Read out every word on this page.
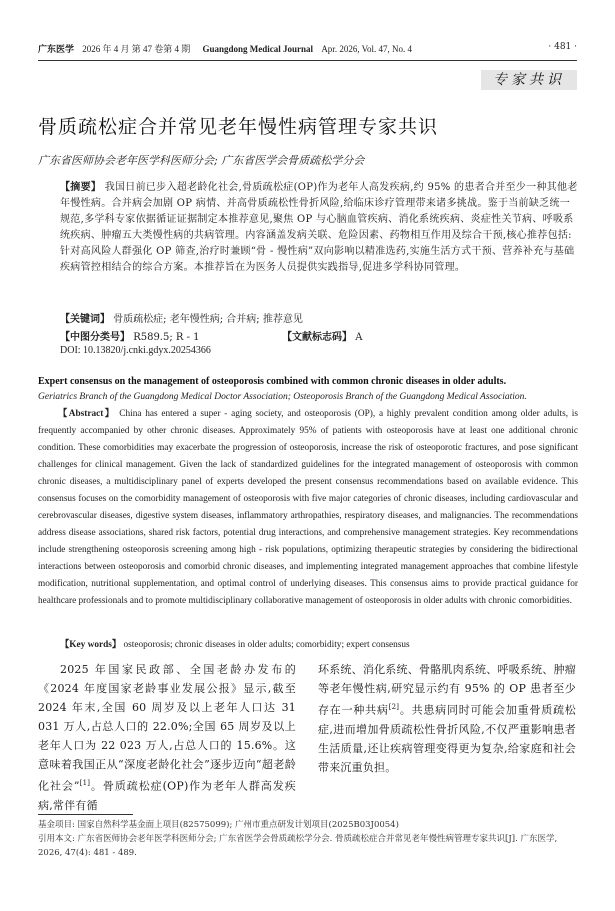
广东医学 2026 年 4 月 第 47 卷第 4 期 Guangdong Medical Journal Apr. 2026, Vol. 47, No. 4	· 481 ·
专家共识
骨质疏松症合并常见老年慢性病管理专家共识
广东省医师协会老年医学科医师分会; 广东省医学会骨质疏松学分会
【摘要】 我国日前已步入超老龄化社会,骨质疏松症(OP)作为老年人高发疾病,约 95% 的患者合并至少一种其他老年慢性病。合并病会加剧 OP 病情、并高骨质疏松性骨折风险,给临床诊疗管理带来诸多挑战。鉴于当前缺乏统一规范,多学科专家依据循证证据制定本推荐意见,聚焦 OP 与心脑血管疾病、消化系统疾病、炎症性关节病、呼吸系统疾病、肿瘤五大类慢性病的共病管理。内容涵盖发病关联、危险因素、药物相互作用及综合干预,核心推荐包括:针对高风险人群强化 OP 筛查,治疗时兼顾“骨 - 慢性病”双向影响以精准选药,实施生活方式干预、营养补充与基础疾病管控相结合的综合方案。本推荐旨在为医务人员提供实践指导,促进多学科协同管理。
【关键词】 骨质疏松症; 老年慢性病; 合并病; 推荐意见
【中图分类号】 R589.5; R - 1	【文献标志码】 A
DOI: 10.13820/j.cnki.gdyx.20254366
Expert consensus on the management of osteoporosis combined with common chronic diseases in older adults.
Geriatrics Branch of the Guangdong Medical Doctor Association; Osteoporosis Branch of the Guangdong Medical Association.
【Abstract】 China has entered a super - aging society, and osteoporosis (OP), a highly prevalent condition among older adults, is frequently accompanied by other chronic diseases. Approximately 95% of patients with osteoporosis have at least one additional chronic condition. These comorbidities may exacerbate the progression of osteoporosis, increase the risk of osteoporotic fractures, and pose significant challenges for clinical management. Given the lack of standardized guidelines for the integrated management of osteoporosis with common chronic diseases, a multidisciplinary panel of experts developed the present consensus recommendations based on available evidence. This consensus focuses on the comorbidity management of osteoporosis with five major categories of chronic diseases, including cardiovascular and cerebrovascular diseases, digestive system diseases, inflammatory arthropathies, respiratory diseases, and malignancies. The recommendations address disease associations, shared risk factors, potential drug interactions, and comprehensive management strategies. Key recommendations include strengthening osteoporosis screening among high - risk populations, optimizing therapeutic strategies by considering the bidirectional interactions between osteoporosis and comorbid chronic diseases, and implementing integrated management approaches that combine lifestyle modification, nutritional supplementation, and optimal control of underlying diseases. This consensus aims to provide practical guidance for healthcare professionals and to promote multidisciplinary collaborative management of osteoporosis in older adults with chronic comorbidities.
【Key words】 osteoporosis; chronic diseases in older adults; comorbidity; expert consensus
2025 年国家民政部、全国老龄办发布的《2024 年度国家老龄事业发展公报》显示,截至 2024 年末,全国 60 周岁及以上老年人口达 31 031 万人,占总人口的 22.0%;全国 65 周岁及以上老年人口为 22 023 万人,占总人口的 15.6%。这意味着我国正从“深度老龄化社会”逐步迈向“超老龄化社会”[1]。骨质疏松症(OP)作为老年人群高发疾病,常伴有循
环系统、消化系统、骨骼肌肉系统、呼吸系统、肿瘤等老年慢性病,研究显示约有 95% 的 OP 患者至少存在一种共病[2]。共患病同时可能会加重骨质疏松症,进而增加骨质疏松性骨折风险,不仅严重影响患者生活质量,还让疾病管理变得更为复杂,给家庭和社会带来沉重负担。
基金项目: 国家自然科学基金面上项目(82575099); 广州市重点研发计划项目(2025B03J0054)
引用本文: 广东省医师协会老年医学科医师分会; 广东省医学会骨质疏松学分会. 骨质疏松症合并常见老年慢性病管理专家共识[J]. 广东医学, 2026, 47(4): 481 - 489.
